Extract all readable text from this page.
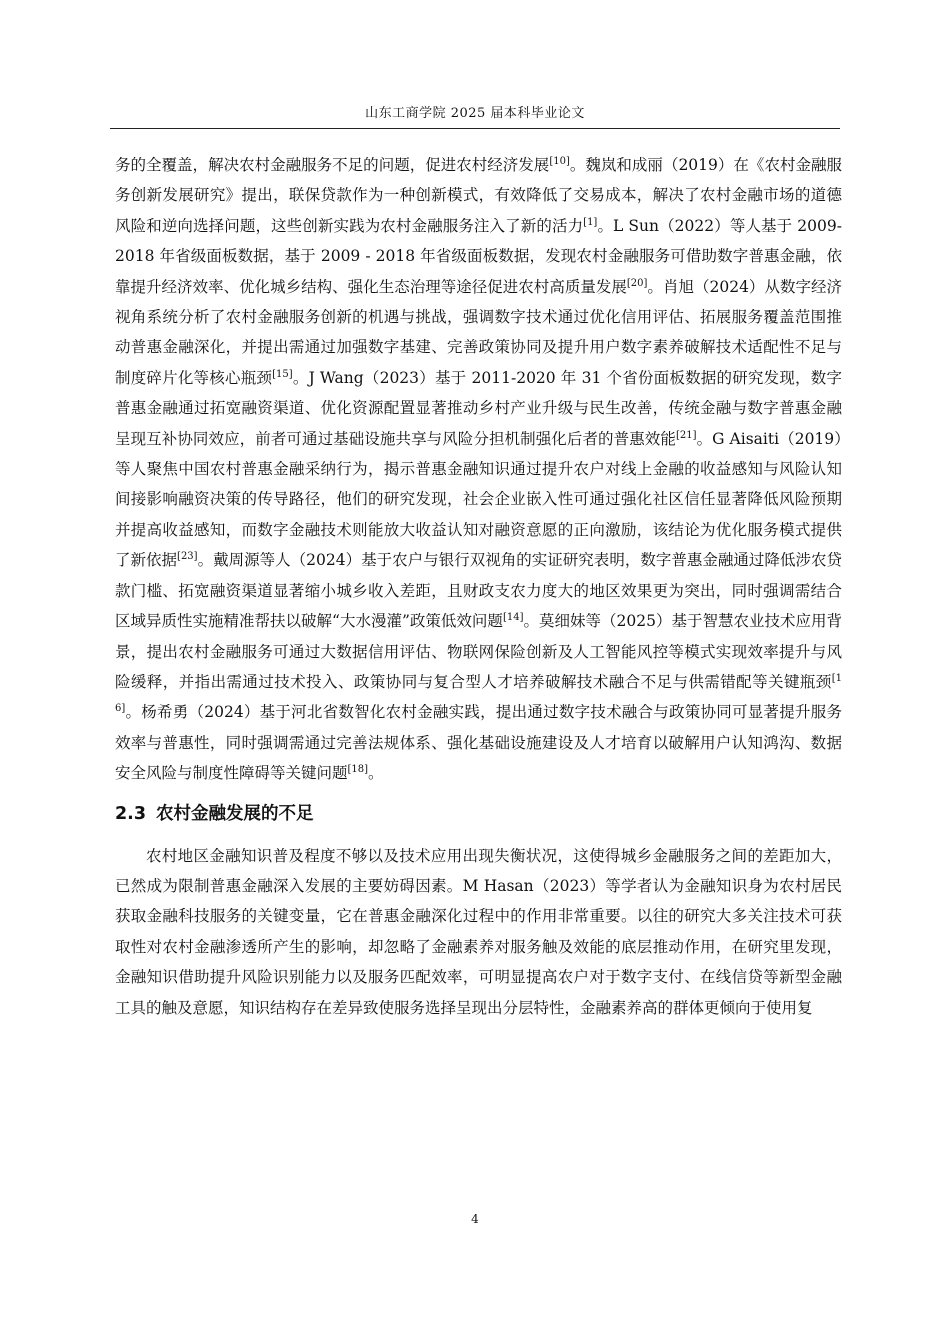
山东工商学院 2025 届本科毕业论文

务的全覆盖，解决农村金融服务不足的问题，促进农村经济发展[10]。魏岚和成丽（2019）在《农村金融服务创新发展研究》提出，联保贷款作为一种创新模式，有效降低了交易成本，解决了农村金融市场的道德风险和逆向选择问题，这些创新实践为农村金融服务注入了新的活力[1]。L Sun（2022）等人基于 2009-2018 年省级面板数据，基于 2009 - 2018 年省级面板数据，发现农村金融服务可借助数字普惠金融，依靠提升经济效率、优化城乡结构、强化生态治理等途径促进农村高质量发展[20]。肖旭（2024）从数字经济视角系统分析了农村金融服务创新的机遇与挑战，强调数字技术通过优化信用评估、拓展服务覆盖范围推动普惠金融深化，并提出需通过加强数字基建、完善政策协同及提升用户数字素养破解技术适配性不足与制度碎片化等核心瓶颈[15]。J Wang（2023）基于 2011-2020 年 31 个省份面板数据的研究发现，数字普惠金融通过拓宽融资渠道、优化资源配置显著推动乡村产业升级与民生改善，传统金融与数字普惠金融呈现互补协同效应，前者可通过基础设施共享与风险分担机制强化后者的普惠效能[21]。G Aisaiti（2019）等人聚焦中国农村普惠金融采纳行为，揭示普惠金融知识通过提升农户对线上金融的收益感知与风险认知间接影响融资决策的传导路径，他们的研究发现，社会企业嵌入性可通过强化社区信任显著降低风险预期并提高收益感知，而数字金融技术则能放大收益认知对融资意愿的正向激励，该结论为优化服务模式提供了新依据[23]。戴周源等人（2024）基于农户与银行双视角的实证研究表明，数字普惠金融通过降低涉农贷款门槛、拓宽融资渠道显著缩小城乡收入差距，且财政支农力度大的地区效果更为突出，同时强调需结合区域异质性实施精准帮扶以破解“大水漫灌”政策低效问题[14]。莫细妹等（2025）基于智慧农业技术应用背景，提出农村金融服务可通过大数据信用评估、物联网保险创新及人工智能风控等模式实现效率提升与风险缓释，并指出需通过技术投入、政策协同与复合型人才培养破解技术融合不足与供需错配等关键瓶颈[16]。杨希勇（2024）基于河北省数智化农村金融实践，提出通过数字技术融合与政策协同可显著提升服务效率与普惠性，同时强调需通过完善法规体系、强化基础设施建设及人才培育以破解用户认知鸿沟、数据安全风险与制度性障碍等关键问题[18]。

2.3 农村金融发展的不足

农村地区金融知识普及程度不够以及技术应用出现失衡状况，这使得城乡金融服务之间的差距加大，已然成为限制普惠金融深入发展的主要妨碍因素。M Hasan（2023）等学者认为金融知识身为农村居民获取金融科技服务的关键变量，它在普惠金融深化过程中的作用非常重要。以往的研究大多关注技术可获取性对农村金融渗透所产生的影响，却忽略了金融素养对服务触及效能的底层推动作用，在研究里发现，金融知识借助提升风险识别能力以及服务匹配效率，可明显提高农户对于数字支付、在线信贷等新型金融工具的触及意愿，知识结构存在差异致使服务选择呈现出分层特性，金融素养高的群体更倾向于使用复

4
